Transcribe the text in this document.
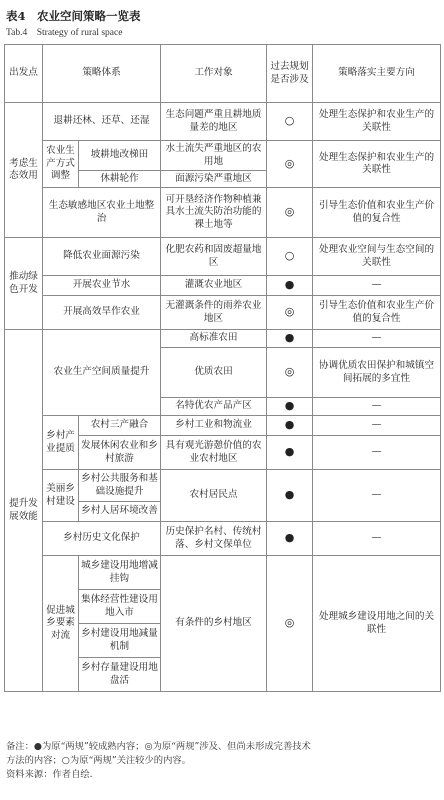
表4　农业空间策略一览表
Tab.4　Strategy of rural space
出发点	策略体系		工作对象	过去规划是否涉及	策略落实主要方向
考虑生态效用	退耕还林、还草、还湿		生态问题严重且耕地质量差的地区	○	处理生态保护和农业生产的关联性
	农业生产方式调整	坡耕地改梯田	水土流失严重地区的农用地	◎	处理生态保护和农业生产的关联性
		休耕轮作	面源污染严重地区		
	生态敏感地区农业土地整治		可开垦经济作物种植兼具水土流失防治功能的裸土地等	◎	引导生态价值和农业生产价值的复合性
推动绿色开发	降低农业面源污染		化肥农药和固废超量地区	○	处理农业空间与生态空间的关联性
	开展农业节水		灌溉农业地区	●	—
	开展高效旱作农业		无灌溉条件的雨养农业地区	◎	引导生态价值和农业生产价值的复合性
提升发展效能	农业生产空间质量提升		高标准农田	●	—
			优质农田	◎	协调优质农田保护和城镇空间拓展的多宜性
			名特优农产品产区	●	—
	乡村产业提质	农村三产融合	乡村工业和物流业	●	—
		发展休闲农业和乡村旅游	具有观光游憩价值的农业农村地区	●	—
	美丽乡村建设	乡村公共服务和基础设施提升	农村居民点	●	—
		乡村人居环境改善			
	乡村历史文化保护		历史保护名村、传统村落、乡村文保单位	●	—
	促进城乡要素对流	城乡建设用地增减挂钩	有条件的乡村地区	◎	处理城乡建设用地之间的关联性
		集体经营性建设用地入市			
		乡村建设用地减量机制			
		乡村存量建设用地盘活			
备注：●为原“两规”较成熟内容；◎为原“两规”涉及、但尚未形成完善技术
方法的内容；○为原“两规”关注较少的内容。
资料来源：作者自绘.
